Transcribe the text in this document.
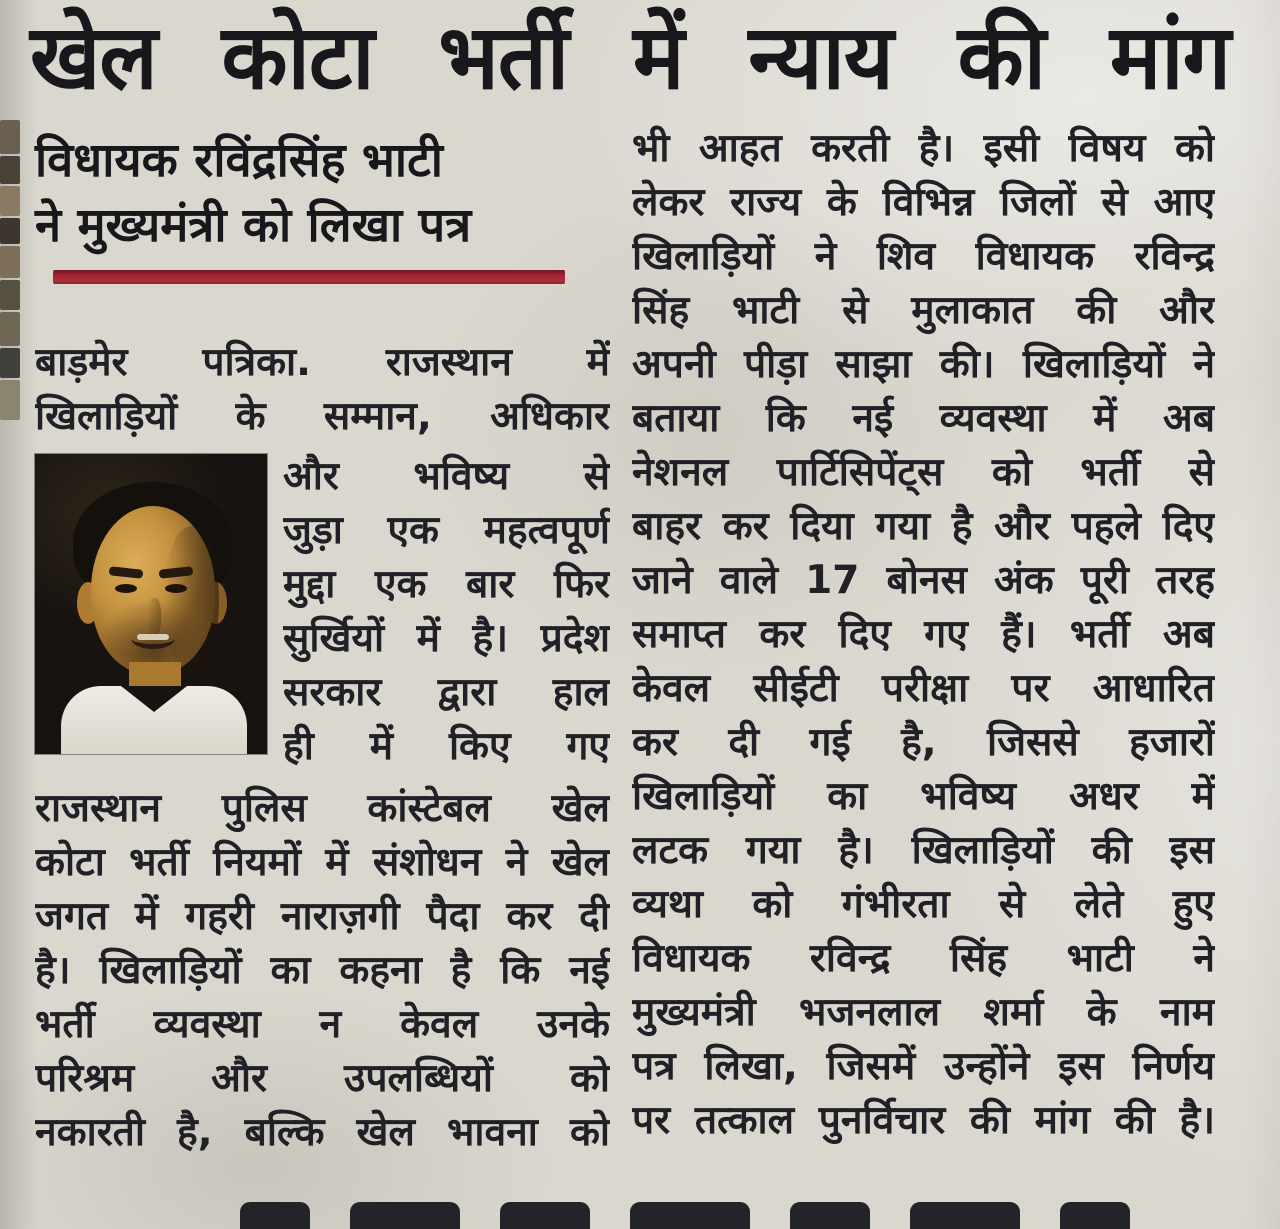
खेल कोटा भर्ती में न्याय की मांग
विधायक रविंद्रसिंह भाटी
ने मुख्यमंत्री को लिखा पत्र
बाड़मेर पत्रिका. राजस्थान में
खिलाड़ियों के सम्मान, अधिकार
और भविष्य से
जुड़ा एक महत्वपूर्ण
मुद्दा एक बार फिर
सुर्खियों में है। प्रदेश
सरकार द्वारा हाल
ही में किए गए
राजस्थान पुलिस कांस्टेबल खेल
कोटा भर्ती नियमों में संशोधन ने खेल
जगत में गहरी नाराज़गी पैदा कर दी
है। खिलाड़ियों का कहना है कि नई
भर्ती व्यवस्था न केवल उनके
परिश्रम और उपलब्धियों को
नकारती है, बल्कि खेल भावना को
भी आहत करती है। इसी विषय को
लेकर राज्य के विभिन्न जिलों से आए
खिलाड़ियों ने शिव विधायक रविन्द्र
सिंह भाटी से मुलाकात की और
अपनी पीड़ा साझा की। खिलाड़ियों ने
बताया कि नई व्यवस्था में अब
नेशनल पार्टिसिपेंट्स को भर्ती से
बाहर कर दिया गया है और पहले दिए
जाने वाले 17 बोनस अंक पूरी तरह
समाप्त कर दिए गए हैं। भर्ती अब
केवल सीईटी परीक्षा पर आधारित
कर दी गई है, जिससे हजारों
खिलाड़ियों का भविष्य अधर में
लटक गया है। खिलाड़ियों की इस
व्यथा को गंभीरता से लेते हुए
विधायक रविन्द्र सिंह भाटी ने
मुख्यमंत्री भजनलाल शर्मा के नाम
पत्र लिखा, जिसमें उन्होंने इस निर्णय
पर तत्काल पुनर्विचार की मांग की है।
